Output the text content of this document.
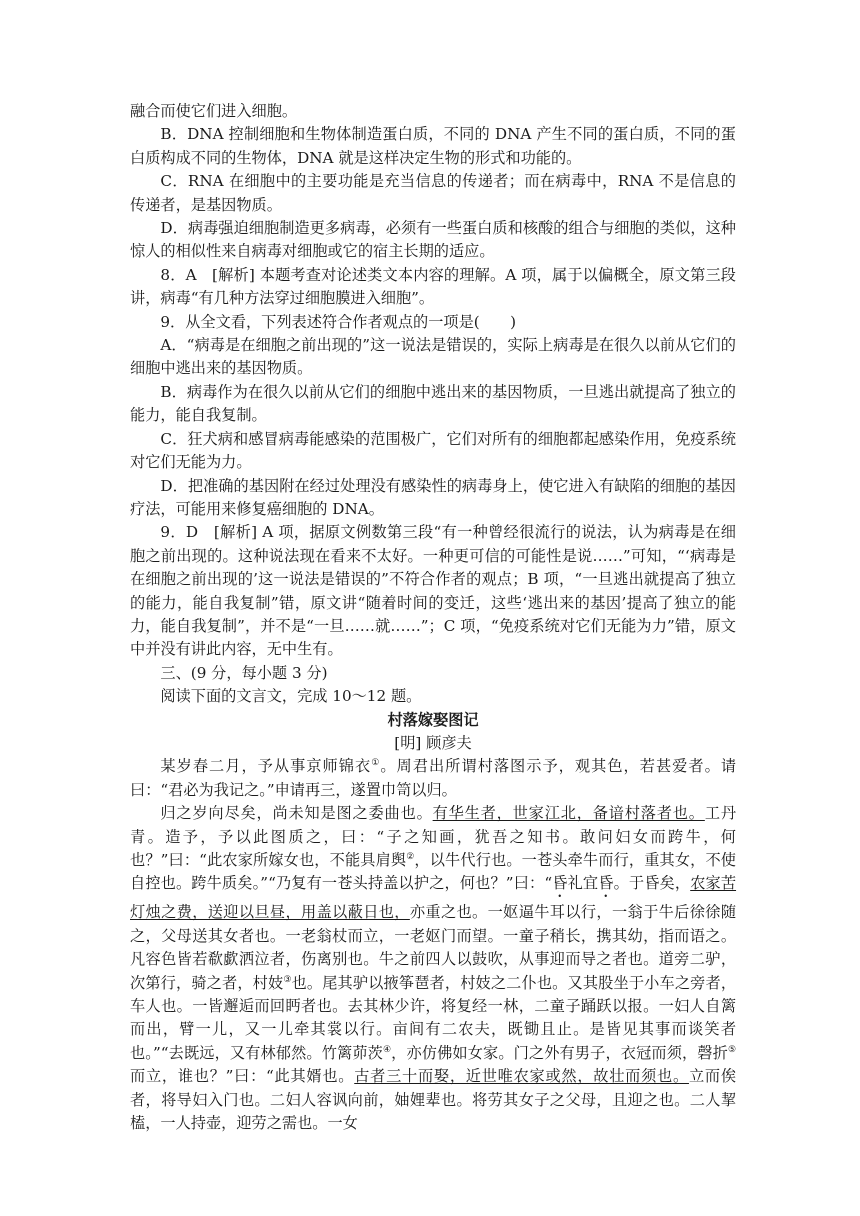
融合而使它们进入细胞。

B．DNA 控制细胞和生物体制造蛋白质，不同的 DNA 产生不同的蛋白质，不同的蛋白质构成不同的生物体，DNA 就是这样决定生物的形式和功能的。

C．RNA 在细胞中的主要功能是充当信息的传递者；而在病毒中，RNA 不是信息的传递者，是基因物质。

D．病毒强迫细胞制造更多病毒，必须有一些蛋白质和核酸的组合与细胞的类似，这种惊人的相似性来自病毒对细胞或它的宿主长期的适应。

8．A　[解析] 本题考查对论述类文本内容的理解。A 项，属于以偏概全，原文第三段讲，病毒“有几种方法穿过细胞膜进入细胞”。

9．从全文看，下列表述符合作者观点的一项是(　　)

A．“病毒是在细胞之前出现的”这一说法是错误的，实际上病毒是在很久以前从它们的细胞中逃出来的基因物质。

B．病毒作为在很久以前从它们的细胞中逃出来的基因物质，一旦逃出就提高了独立的能力，能自我复制。

C．狂犬病和感冒病毒能感染的范围极广，它们对所有的细胞都起感染作用，免疫系统对它们无能为力。

D．把准确的基因附在经过处理没有感染性的病毒身上，使它进入有缺陷的细胞的基因疗法，可能用来修复癌细胞的 DNA。

9．D　[解析] A 项，据原文例数第三段“有一种曾经很流行的说法，认为病毒是在细胞之前出现的。这种说法现在看来不太好。一种更可信的可能性是说……”可知，“‘病毒是在细胞之前出现的’这一说法是错误的”不符合作者的观点；B 项，“一旦逃出就提高了独立的能力，能自我复制”错，原文讲“随着时间的变迁，这些‘逃出来的基因’提高了独立的能力，能自我复制”，并不是“一旦……就……”；C 项，“免疫系统对它们无能为力”错，原文中并没有讲此内容，无中生有。

三、(9 分，每小题 3 分)

阅读下面的文言文，完成 10～12 题。

村落嫁娶图记

[明] 顾彦夫

某岁春二月，予从事京师锦衣①。周君出所谓村落图示予，观其色，若甚爱者。请曰：“君必为我记之。”申请再三，遂置巾笥以归。

归之岁向尽矣，尚未知是图之委曲也。有华生者，世家江北，备谙村落者也。工丹青。造予，予以此图质之，曰：“子之知画，犹吾之知书。敢问妇女而跨牛，何也？”曰：“此农家所嫁女也，不能具肩舆②，以牛代行也。一苍头牵牛而行，重其女，不使自控也。跨牛质矣。”“乃复有一苍头持盖以护之，何也？”曰：“昏礼宜昏。于昏矣，农家苦灯烛之费，送迎以旦昼，用盖以蔽日也，亦重之也。一妪逼牛耳以行，一翁于牛后徐徐随之，父母送其女者也。一老翁杖而立，一老妪门而望。一童子稍长，携其幼，指而语之。凡容色皆若欷歔洒泣者，伤离别也。牛之前四人以鼓吹，从事迎而导之者也。道旁二驴，次第行，骑之者，村妓③也。尾其驴以掖筝琶者，村妓之二仆也。又其股坐于小车之旁者，车人也。一皆邂逅而回眄者也。去其林少许，将复经一林，二童子踊跃以报。一妇人自篱而出，臂一儿，又一儿牵其裳以行。亩间有二农夫，既锄且止。是皆见其事而谈笑者也。”“去既远，又有林郁然。竹篱茆茨④，亦仿佛如女家。门之外有男子，衣冠而须，磬折⑤而立，谁也？”曰：“此其婿也。古者三十而娶，近世唯农家或然，故壮而须也。立而俟者，将导妇入门也。二妇人容讽向前，妯娌辈也。将劳其女子之父母，且迎之也。二人挈榼，一人持壶，迎劳之需也。一女
